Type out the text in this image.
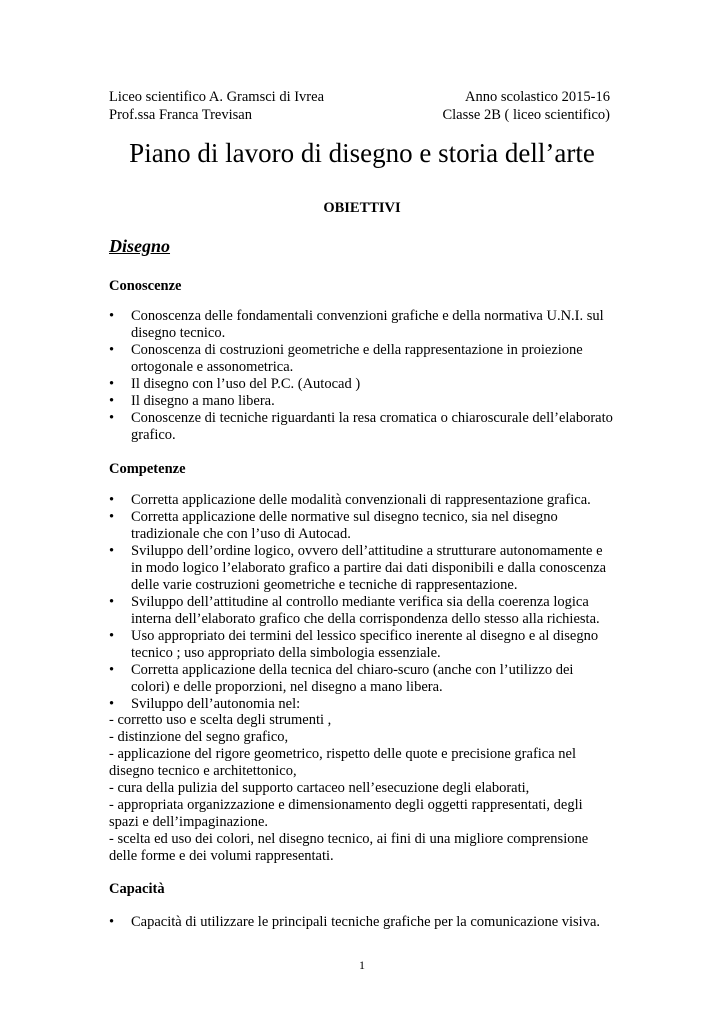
Liceo scientifico A. Gramsci di Ivrea	Anno scolastico 2015-16
Prof.ssa Franca Trevisan	Classe 2B ( liceo scientifico)
Piano di lavoro di disegno e storia dell’arte
OBIETTIVI
Disegno
Conoscenze
• Conoscenza delle fondamentali convenzioni grafiche e della normativa U.N.I. sul disegno tecnico.
• Conoscenza di costruzioni geometriche e della rappresentazione in proiezione ortogonale e assonometrica.
• Il disegno con l’uso del P.C. (Autocad )
• Il disegno a mano libera.
• Conoscenze di tecniche riguardanti la resa cromatica o chiaroscurale dell’elaborato grafico.
Competenze
• Corretta applicazione delle modalità convenzionali di rappresentazione grafica.
• Corretta applicazione delle normative sul disegno tecnico, sia nel disegno tradizionale che con l’uso di Autocad.
• Sviluppo dell’ordine logico, ovvero dell’attitudine a strutturare autonomamente e in modo logico l’elaborato grafico a partire dai dati disponibili e dalla conoscenza delle varie costruzioni geometriche e tecniche di rappresentazione.
• Sviluppo dell’attitudine al controllo mediante verifica sia della coerenza logica interna dell’elaborato grafico che della corrispondenza dello stesso alla richiesta.
• Uso appropriato dei termini del lessico specifico inerente al disegno e al disegno tecnico ; uso appropriato della simbologia essenziale.
• Corretta applicazione della tecnica del chiaro-scuro (anche con l’utilizzo dei colori) e delle proporzioni, nel disegno a mano libera.
• Sviluppo dell’autonomia nel:
- corretto uso e scelta degli strumenti ,
- distinzione del segno grafico,
- applicazione del rigore geometrico, rispetto delle quote e precisione grafica nel disegno tecnico e architettonico,
- cura della pulizia del supporto cartaceo nell’esecuzione degli elaborati,
- appropriata organizzazione e dimensionamento degli oggetti rappresentati, degli spazi e dell’impaginazione.
- scelta ed uso dei colori, nel disegno tecnico, ai fini di una migliore comprensione delle forme e dei volumi rappresentati.
Capacità
• Capacità di utilizzare le principali tecniche grafiche per la comunicazione visiva.
1
